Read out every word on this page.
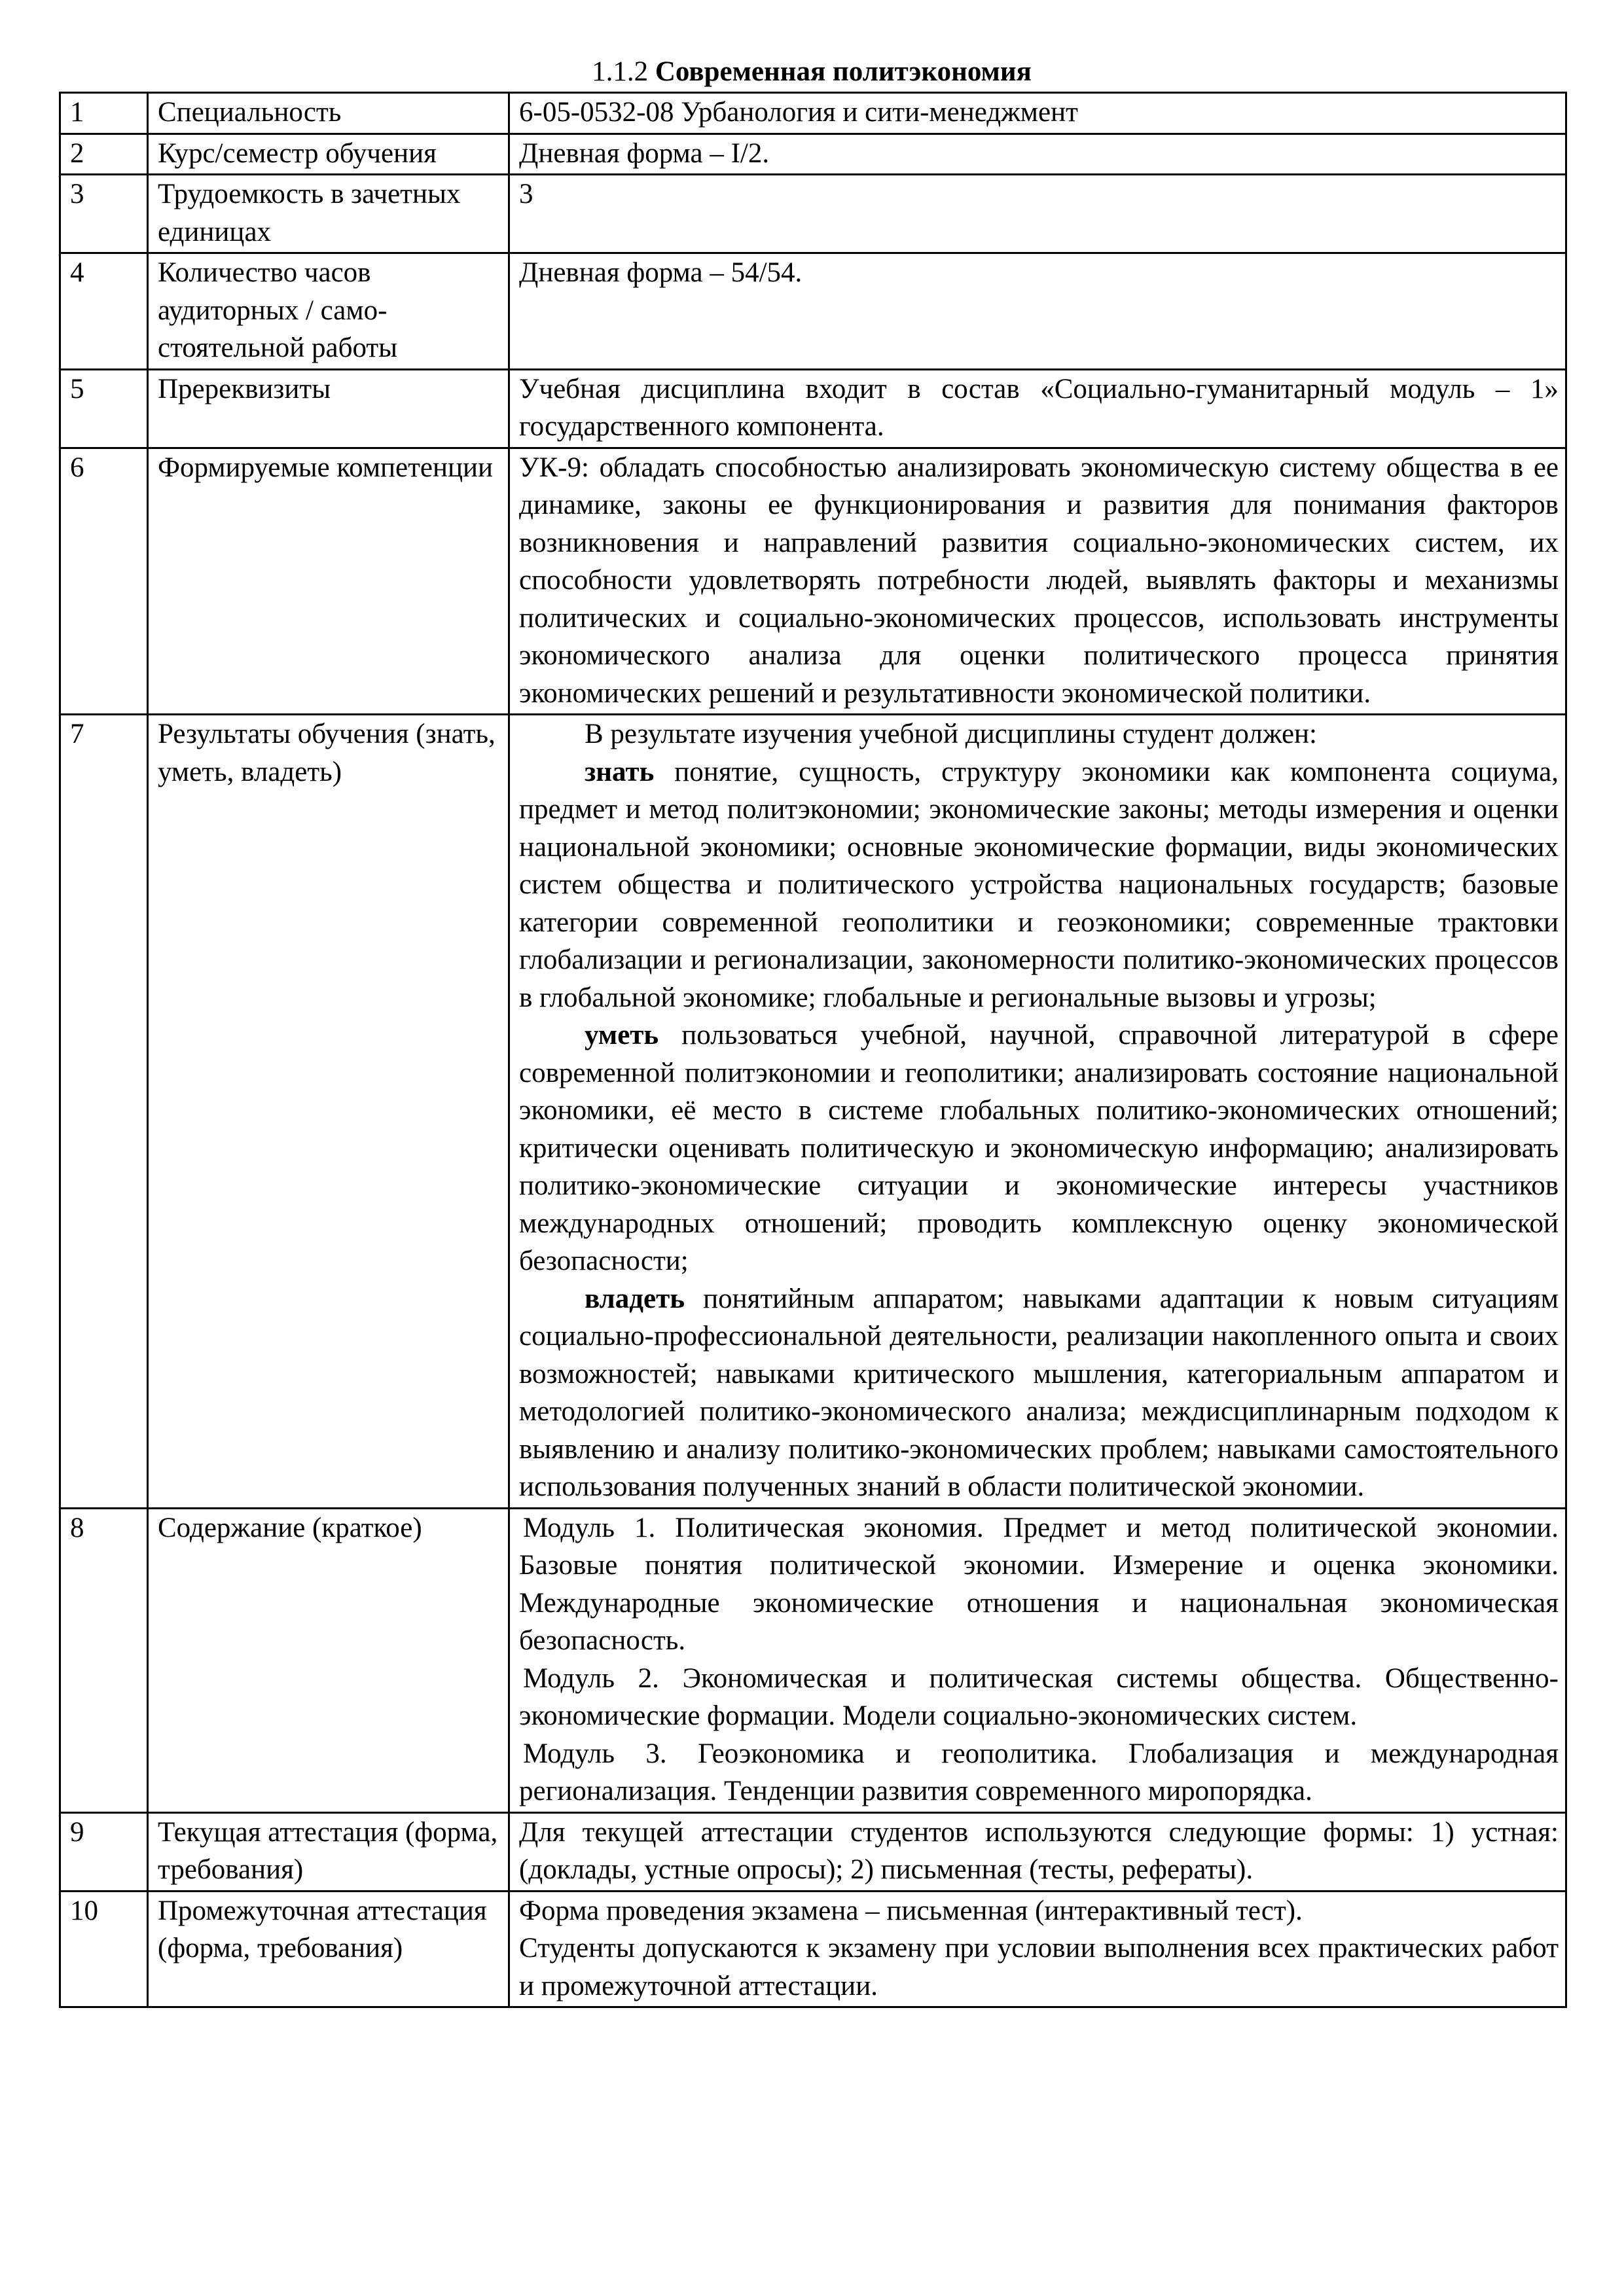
1.1.2 Современная политэкономия
1	Специальность	6-05-0532-08 Урбанология и сити-менеджмент
2	Курс/семестр обучения	Дневная форма – I/2.
3	Трудоемкость в зачетных единицах	3
4	Количество часов аудиторных / само-стоятельной работы	Дневная форма – 54/54.
5	Пререквизиты	Учебная дисциплина входит в состав «Социально-гуманитарный модуль – 1» государственного компонента.
6	Формируемые компетенции	УК-9: обладать способностью анализировать экономическую систему общества в ее динамике, законы ее функционирования и развития для понимания факторов возникновения и направлений развития социально-экономических систем, их способности удовлетворять потребности людей, выявлять факторы и механизмы политических и социально-экономических процессов, использовать инструменты экономического анализа для оценки политического процесса принятия экономических решений и результативности экономической политики.
7	Результаты обучения (знать, уметь, владеть)	В результате изучения учебной дисциплины студент должен:

знать понятие, сущность, структуру экономики как компонента социума, предмет и метод политэкономии; экономические законы; методы измерения и оценки национальной экономики; основные экономические формации, виды экономических систем общества и политического устройства национальных государств; базовые категории современной геополитики и геоэкономики; современные трактовки глобализации и регионализации, закономерности политико-экономических процессов в глобальной экономике; глобальные и региональные вызовы и угрозы;

уметь пользоваться учебной, научной, справочной литературой в сфере современной политэкономии и геополитики; анализировать состояние национальной экономики, её место в системе глобальных политико-экономических отношений; критически оценивать политическую и экономическую информацию; анализировать политико-экономические ситуации и экономические интересы участников международных отношений; проводить комплексную оценку экономической безопасности;

владеть понятийным аппаратом; навыками адаптации к новым ситуациям социально-профессиональной деятельности, реализации накопленного опыта и своих возможностей; навыками критического мышления, категориальным аппаратом и методологией политико-экономического анализа; междисциплинарным подходом к выявлению и анализу политико-экономических проблем; навыками самостоятельного использования полученных знаний в области политической экономии.

8	Содержание (краткое)	Модуль 1. Политическая экономия. Предмет и метод политической экономии. Базовые понятия политической экономии. Измерение и оценка экономики. Международные экономические отношения и национальная экономическая безопасность.

Модуль 2. Экономическая и политическая системы общества. Общественно-экономические формации. Модели социально-экономических систем.

Модуль 3. Геоэкономика и геополитика. Глобализация и международная регионализация. Тенденции развития современного миропорядка.

9	Текущая аттестация (форма, требования)	Для текущей аттестации студентов используются следующие формы: 1) устная: (доклады, устные опросы); 2) письменная (тесты, рефераты).
10	Промежуточная аттестация (форма, требования)	Форма проведения экзамена – письменная (интерактивный тест).

Студенты допускаются к экзамену при условии выполнения всех практических работ и промежуточной аттестации.
